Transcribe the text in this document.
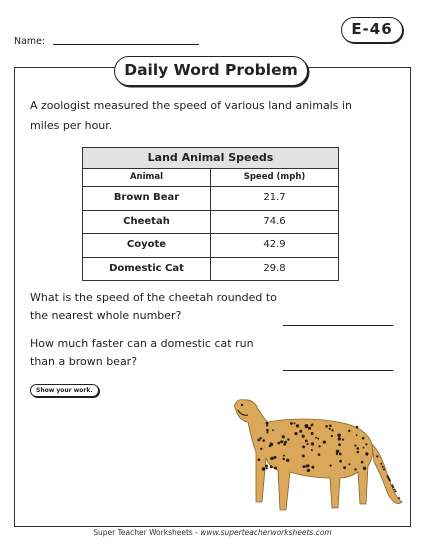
Name:
E-46
Daily Word Problem
A zoologist measured the speed of various land animals in miles per hour.
Land Animal Speeds
Animal	Speed (mph)
Brown Bear	21.7
Cheetah	74.6
Coyote	42.9
Domestic Cat	29.8
What is the speed of the cheetah rounded to the nearest whole number?
How much faster can a domestic cat run than a brown bear?
Show your work.
Super Teacher Worksheets - www.superteacherworksheets.com
